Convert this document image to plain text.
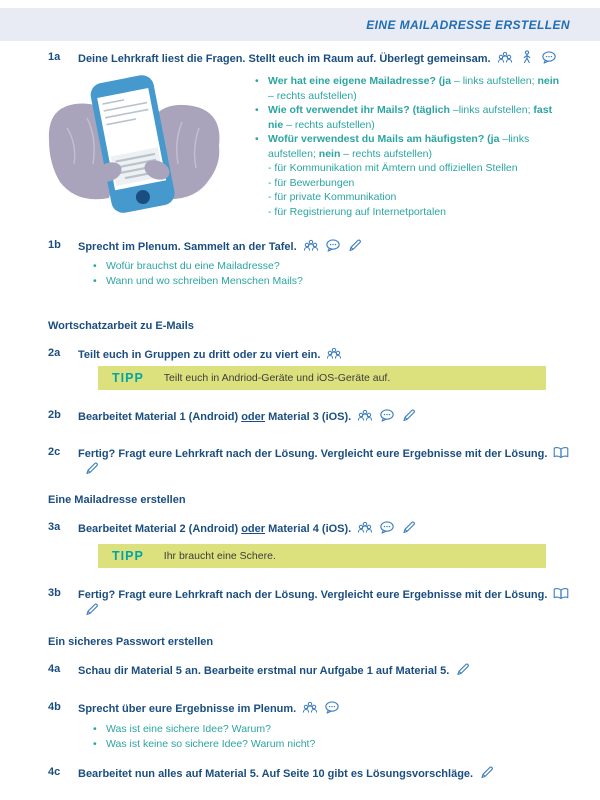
EINE MAILADRESSE ERSTELLEN
1a	Deine Lehrkraft liest die Fragen. Stellt euch im Raum auf. Überlegt gemeinsam.
• Wer hat eine eigene Mailadresse? (ja – links aufstellen; nein – rechts aufstellen)
• Wie oft verwendet ihr Mails? (täglich –links aufstellen; fast nie – rechts aufstellen)
• Wofür verwendest du Mails am häufigsten? (ja –links aufstellen; nein – rechts aufstellen)
- für Kommunikation mit Ämtern und offiziellen Stellen
- für Bewerbungen
- für private Kommunikation
- für Registrierung auf Internetportalen
1b	Sprecht im Plenum. Sammelt an der Tafel.
• Wofür brauchst du eine Mailadresse?
• Wann und wo schreiben Menschen Mails?
Wortschatzarbeit zu E-Mails
2a	Teilt euch in Gruppen zu dritt oder zu viert ein.
TIPP Teilt euch in Andriod-Geräte und iOS-Geräte auf.
2b	Bearbeitet Material 1 (Android) oder Material 3 (iOS).
2c	Fertig? Fragt eure Lehrkraft nach der Lösung. Vergleicht eure Ergebnisse mit der Lösung.
Eine Mailadresse erstellen
3a	Bearbeitet Material 2 (Android) oder Material 4 (iOS).
TIPP Ihr braucht eine Schere.
3b	Fertig? Fragt eure Lehrkraft nach der Lösung. Vergleicht eure Ergebnisse mit der Lösung.
Ein sicheres Passwort erstellen
4a	Schau dir Material 5 an. Bearbeite erstmal nur Aufgabe 1 auf Material 5.
4b	Sprecht über eure Ergebnisse im Plenum.
• Was ist eine sichere Idee? Warum?
• Was ist keine so sichere Idee? Warum nicht?
4c	Bearbeitet nun alles auf Material 5. Auf Seite 10 gibt es Lösungsvorschläge.
